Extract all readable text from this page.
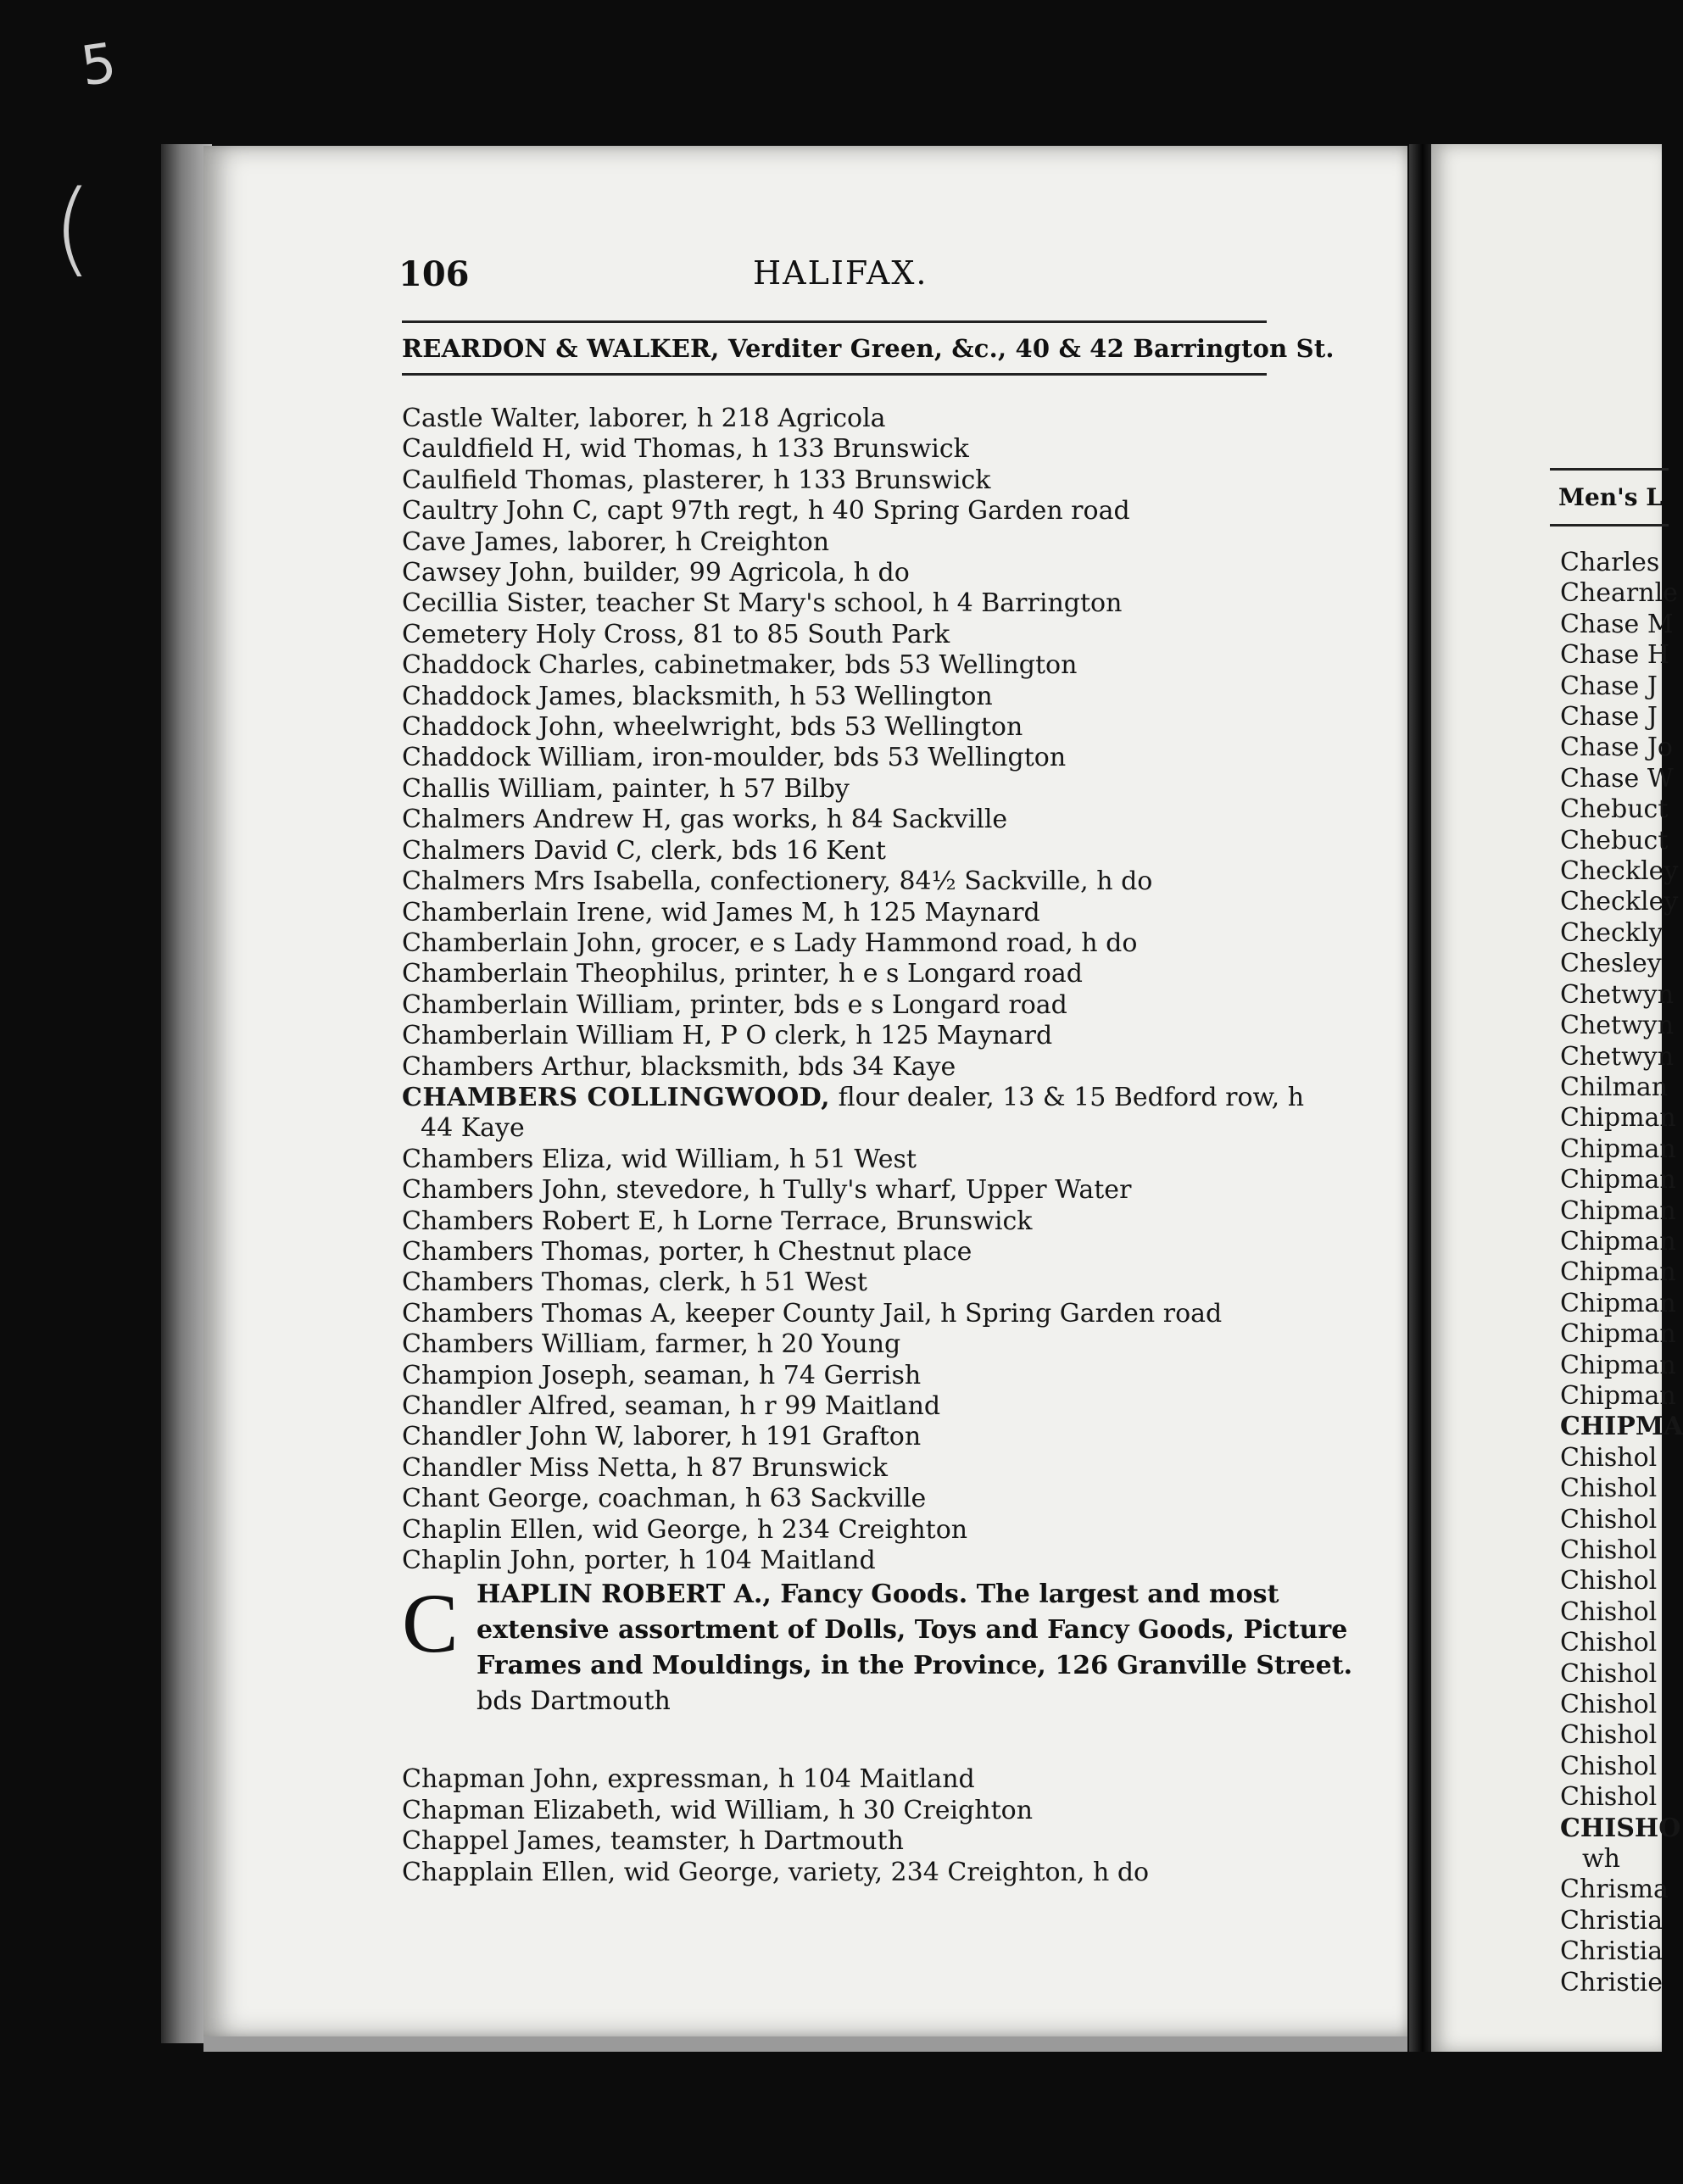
5
(
	106	HALIFAX.
REARDON & WALKER, Verditer Green, &c., 40 & 42 Barrington St.
Castle Walter, laborer, h 218 Agricola
Cauldfield H, wid Thomas, h 133 Brunswick
Caulfield Thomas, plasterer, h 133 Brunswick
Caultry John C, capt 97th regt, h 40 Spring Garden road
Cave James, laborer, h Creighton
Cawsey John, builder, 99 Agricola, h do
Cecillia Sister, teacher St Mary's school, h 4 Barrington
Cemetery Holy Cross, 81 to 85 South Park
Chaddock Charles, cabinetmaker, bds 53 Wellington
Chaddock James, blacksmith, h 53 Wellington
Chaddock John, wheelwright, bds 53 Wellington
Chaddock William, iron-moulder, bds 53 Wellington
Challis William, painter, h 57 Bilby
Chalmers Andrew H, gas works, h 84 Sackville
Chalmers David C, clerk, bds 16 Kent
Chalmers Mrs Isabella, confectionery, 84½ Sackville, h do
Chamberlain Irene, wid James M, h 125 Maynard
Chamberlain John, grocer, e s Lady Hammond road, h do
Chamberlain Theophilus, printer, h e s Longard road
Chamberlain William, printer, bds e s Longard road
Chamberlain William H, P O clerk, h 125 Maynard
Chambers Arthur, blacksmith, bds 34 Kaye
CHAMBERS COLLINGWOOD, flour dealer, 13 & 15 Bedford row, h
44 Kaye
Chambers Eliza, wid William, h 51 West
Chambers John, stevedore, h Tully's wharf, Upper Water
Chambers Robert E, h Lorne Terrace, Brunswick
Chambers Thomas, porter, h Chestnut place
Chambers Thomas, clerk, h 51 West
Chambers Thomas A, keeper County Jail, h Spring Garden road
Chambers William, farmer, h 20 Young
Champion Joseph, seaman, h 74 Gerrish
Chandler Alfred, seaman, h r 99 Maitland
Chandler John W, laborer, h 191 Grafton
Chandler Miss Netta, h 87 Brunswick
Chant George, coachman, h 63 Sackville
Chaplin Ellen, wid George, h 234 Creighton
Chaplin John, porter, h 104 Maitland
C HAPLIN ROBERT A., Fancy Goods. The largest and most
extensive assortment of Dolls, Toys and Fancy Goods, Picture
Frames and Mouldings, in the Province, 126 Granville Street.
bds Dartmouth
Chapman John, expressman, h 104 Maitland
Chapman Elizabeth, wid William, h 30 Creighton
Chappel James, teamster, h Dartmouth
Chapplain Ellen, wid George, variety, 234 Creighton, h do
Men's L
Charles
Chearnle
Chase M
Chase H
Chase J
Chase J
Chase Jo
Chase W
Chebuct
Chebuct
Checkley
Checkley
Checkly
Chesley
Chetwyn
Chetwyn
Chetwyn
Chilman
Chipman
Chipman
Chipman
Chipman
Chipman
Chipman
Chipman
Chipman
Chipman
Chipman
CHIPMA
Chishol
Chishol
Chishol
Chishol
Chishol
Chishol
Chishol
Chishol
Chishol
Chishol
Chishol
Chishol
CHISHO
wh
Chrisma
Christia
Christia
Christie
